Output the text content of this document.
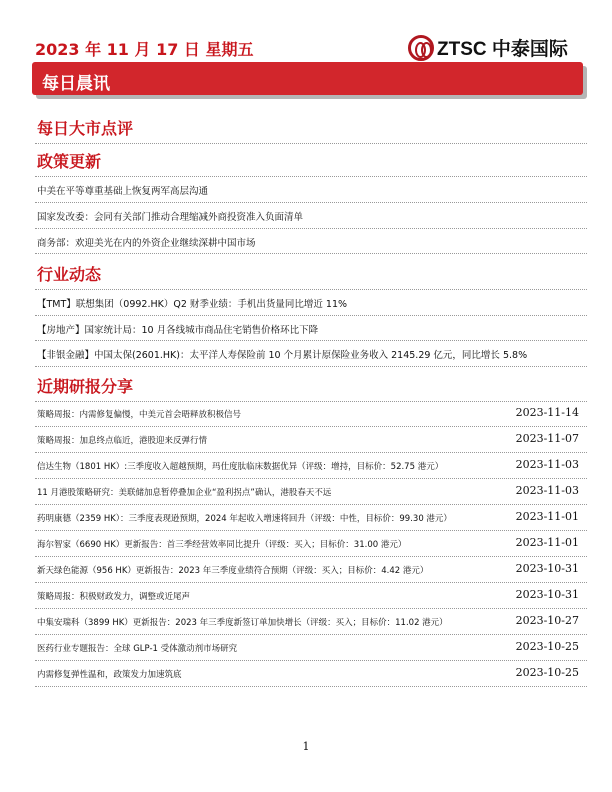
2023 年 11 月 17 日 星期五	ZTSC 中泰国际
每日晨讯
每日大市点评
政策更新
中美在平等尊重基础上恢复两军高层沟通
国家发改委：会同有关部门推动合理缩减外商投资准入负面清单
商务部：欢迎美光在内的外资企业继续深耕中国市场
行业动态
【TMT】联想集团（0992.HK）Q2 财季业绩：手机出货量同比增近 11%
【房地产】国家统计局：10 月各线城市商品住宅销售价格环比下降
【非银金融】中国太保(2601.HK)：太平洋人寿保险前 10 个月累计原保险业务收入 2145.29 亿元，同比增长 5.8%
近期研报分享
策略周报：内需修复偏慢，中美元首会晤释放积极信号	2023-11-14
策略周报：加息终点临近，港股迎来反弹行情	2023-11-07
信达生物（1801 HK）:三季度收入超越预期，玛仕度肽临床数据优异（评级：增持，目标价：52.75 港元）	2023-11-03
11 月港股策略研究：美联储加息暂停叠加企业“盈利拐点”确认，港股春天不远	2023-11-03
药明康德（2359 HK）：三季度表现逊预期，2024 年起收入增速将回升（评级：中性，目标价：99.30 港元）	2023-11-01
海尔智家（6690 HK）更新报告：首三季经营效率同比提升（评级：买入；目标价：31.00 港元）	2023-11-01
新天绿色能源（956 HK）更新报告：2023 年三季度业绩符合预期（评级：买入；目标价：4.42 港元）	2023-10-31
策略周报：积极财政发力，调整或近尾声	2023-10-31
中集安瑞科（3899 HK）更新报告：2023 年三季度新签订单加快增长（评级：买入；目标价：11.02 港元）	2023-10-27
医药行业专题报告：全球 GLP-1 受体激动剂市场研究	2023-10-25
内需修复弹性温和，政策发力加速筑底	2023-10-25
1
